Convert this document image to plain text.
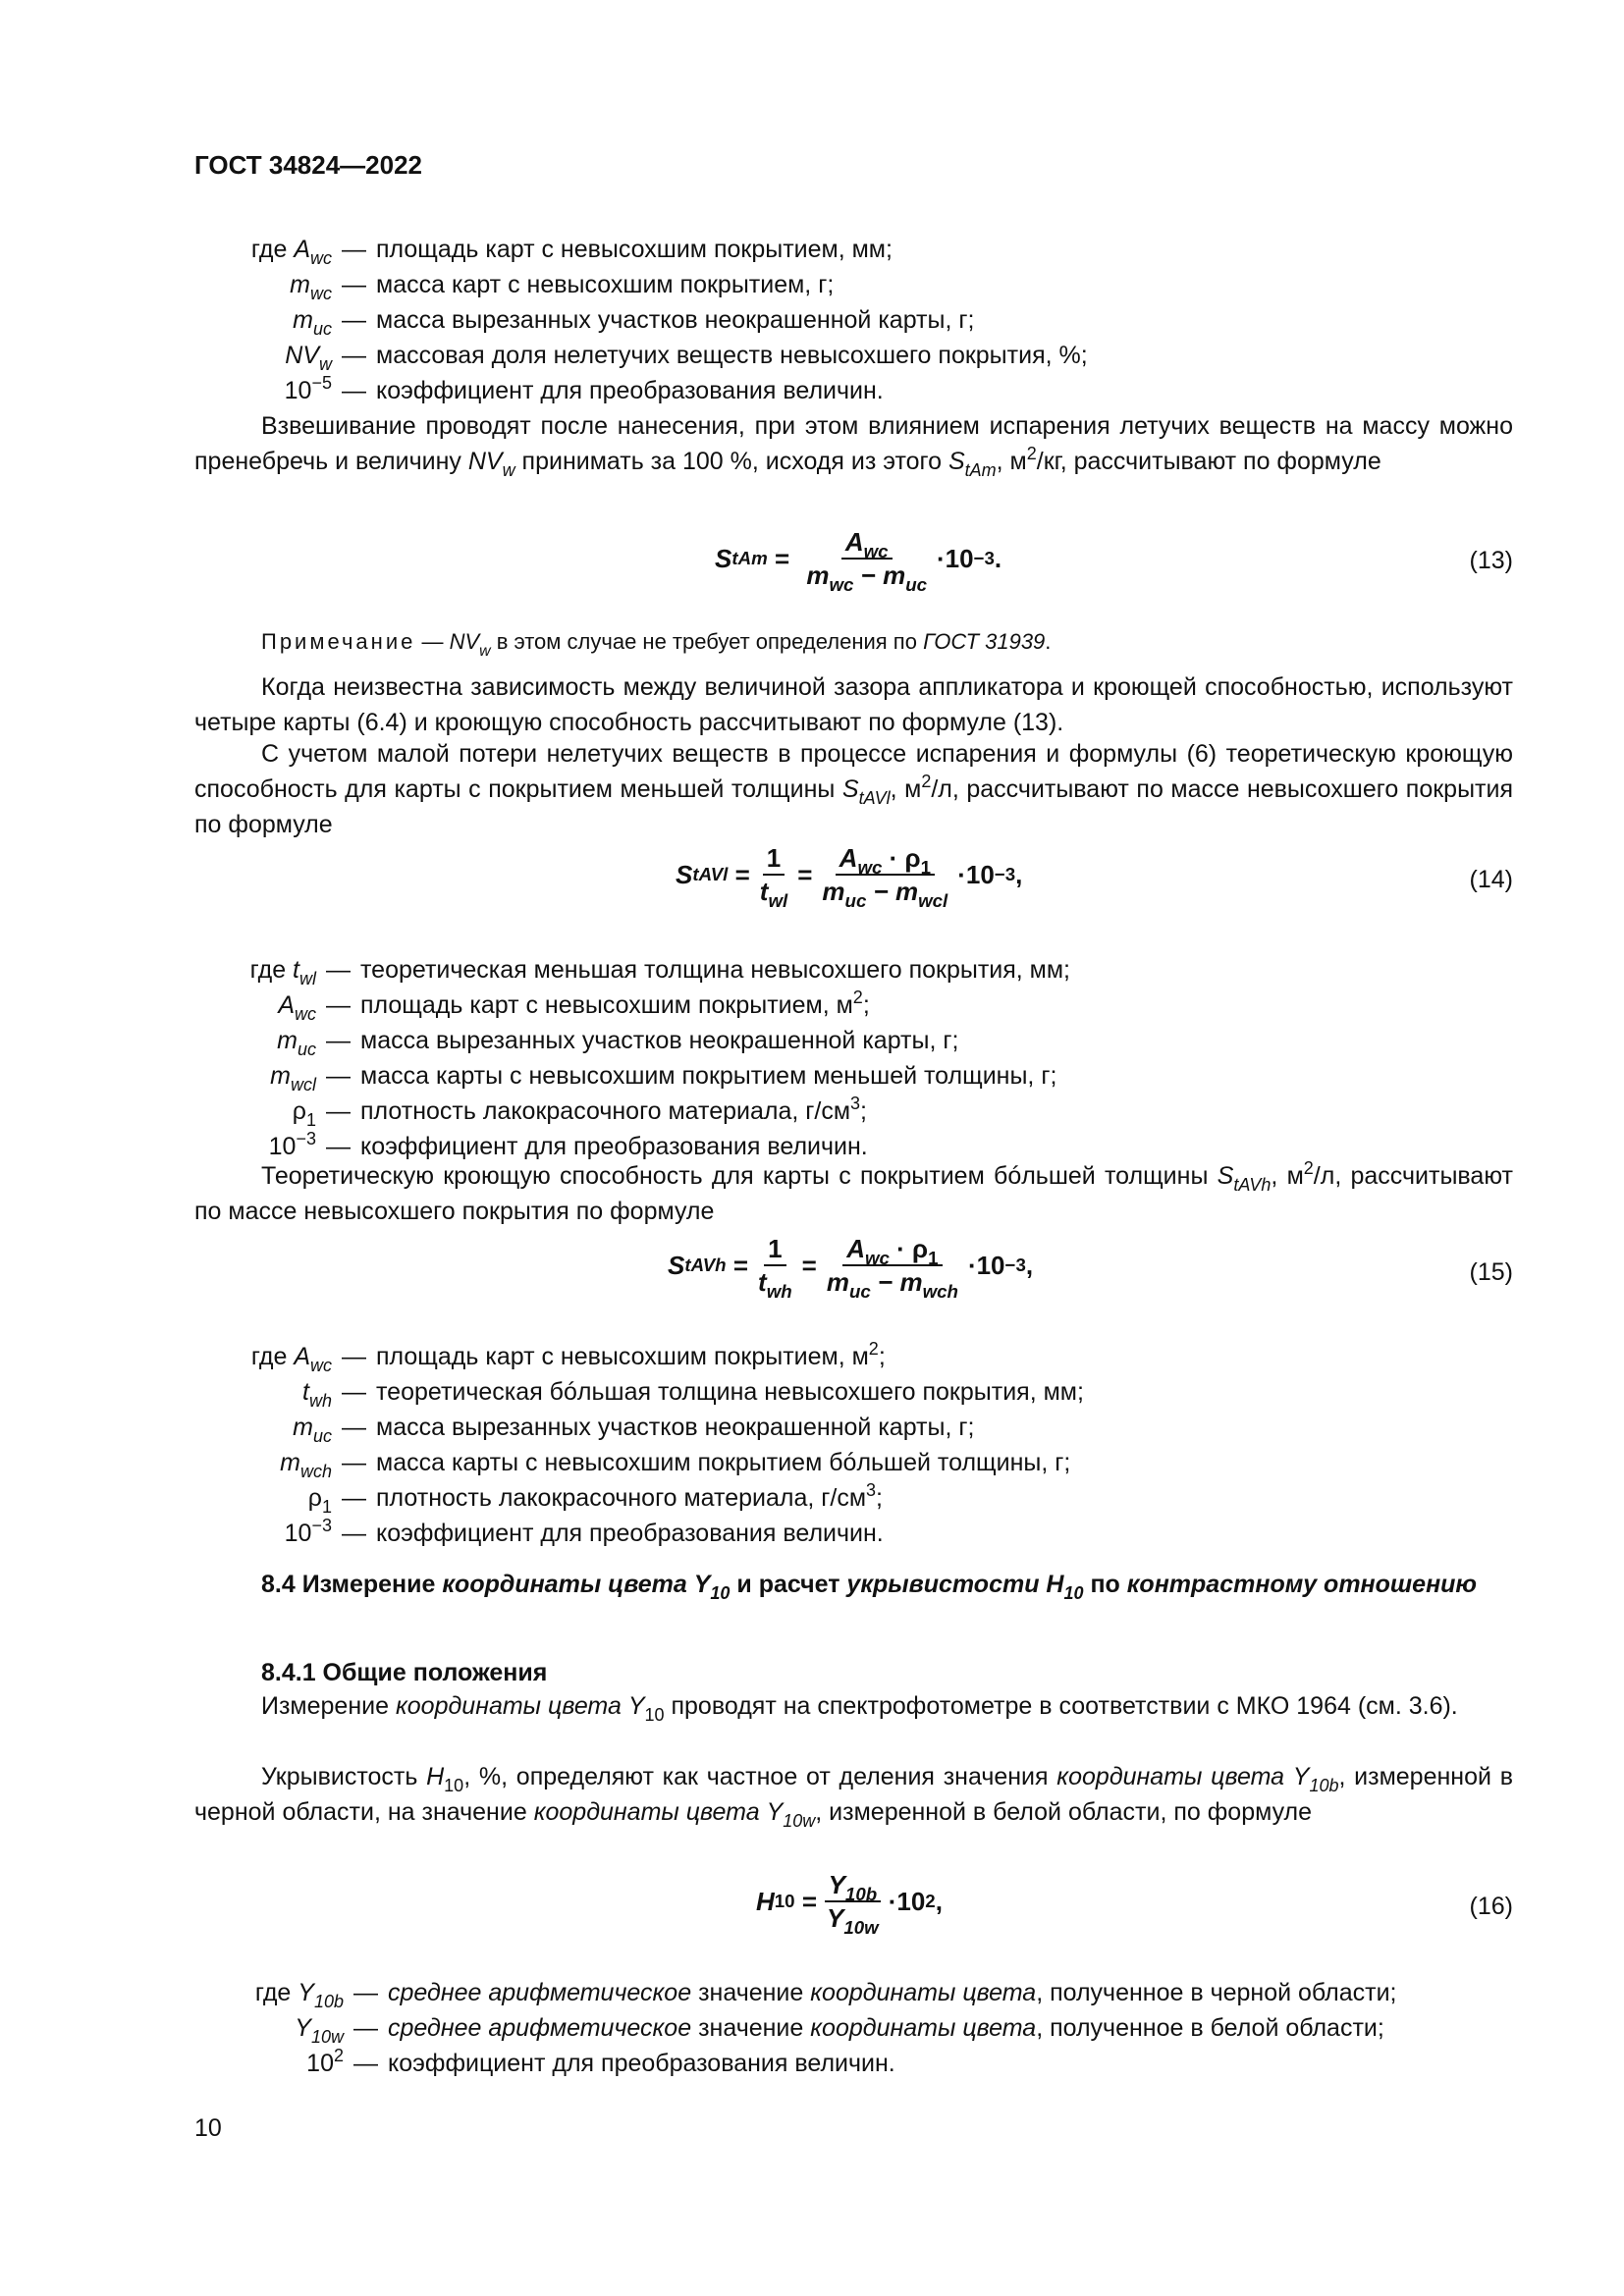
ГОСТ 34824—2022
где $A_{wc}$ — площадь карт с невысохшим покрытием, мм;
$m_{wc}$ — масса карт с невысохшим покрытием, г;
$m_{uc}$ — масса вырезанных участков неокрашенной карты, г;
$NV_w$ — массовая доля нелетучих веществ невысохшего покрытия, %;
$10^{-5}$ — коэффициент для преобразования величин.
Взвешивание проводят после нанесения, при этом влиянием испарения летучих веществ на массу можно пренебречь и величину $NV_w$ принимать за 100 %, исходя из этого $S_{tAm}$, $м^2/кг$, рассчитывают по формуле
S tAm = $\frac{A_{wc}}{m_{wc} - m_{uc}} \cdot 10 -3$ .	(13)
Примечание — $NV_w$ в этом случае не требует определения по ГОСТ 31939.
Когда неизвестна зависимость между величиной зазора аппликатора и кроющей способностью, используют четыре карты (6.4) и кроющую способность рассчитывают по формуле (13).
С учетом малой потери нелетучих веществ в процессе испарения и формулы (6) теоретическую кроющую способность для карты с покрытием меньшей толщины $S_{tAVl}$, $м^2/л$, рассчитывают по массе невысохшего покрытия по формуле
S tAVl = $\frac{1}{t_{wl}} = \frac{A_{wc} \cdot \rho_1}{m_{uc} - m_{wcl}} \cdot 10 -3$ ,	(14)
где $t_{wl}$ — теоретическая меньшая толщина невысохшего покрытия, мм;
$A_{wc}$ — площадь карт с невысохшим покрытием, $м^2$;
$m_{uc}$ — масса вырезанных участков неокрашенной карты, г;
$m_{wcl}$ — масса карты с невысохшим покрытием меньшей толщины, г;
$\rho_1$ — плотность лакокрасочного материала, $г/см^3$;
$10^{-3}$ — коэффициент для преобразования величин.
Теоретическую кроющую способность для карты с покрытием бóльшей толщины $S_{tAVh}$, $м^2/л$, рассчитывают по массе невысохшего покрытия по формуле
S tAVh = $\frac{1}{t_{wh}} = \frac{A_{wc} \cdot \rho_1}{m_{uc} - m_{wch}} \cdot 10 -3$ ,	(15)
где $A_{wc}$ — площадь карт с невысохшим покрытием, $м^2$;
$t_{wh}$ — теоретическая бóльшая толщина невысохшего покрытия, мм;
$m_{uc}$ — масса вырезанных участков неокрашенной карты, г;
$m_{wch}$ — масса карты с невысохшим покрытием бóльшей толщины, г;
$\rho_1$ — плотность лакокрасочного материала, $г/см^3$;
$10^{-3}$ — коэффициент для преобразования величин.
8.4 Измерение координаты цвета $Y_{10}$ и расчет укрывистости $H_{10}$ по контрастному отношению
8.4.1 Общие положения
Измерение координаты цвета $Y_{10}$ проводят на спектрофотометре в соответствии с МКО 1964 (см. 3.6).
Укрывистость $H_{10}$, %, определяют как частное от деления значения координаты цвета $Y_{10b}$, измеренной в черной области, на значение координаты цвета $Y_{10w}$, измеренной в белой области, по формуле
H $10 = \frac{Y_{10b}}{Y_{10w}} \cdot 10$ 2 ,	(16)
где $Y_{10b}$ — среднее арифметическое значение координаты цвета, полученное в черной области;
$Y_{10w}$ — среднее арифметическое значение координаты цвета, полученное в белой области;
$10^2$ — коэффициент для преобразования величин.
10
